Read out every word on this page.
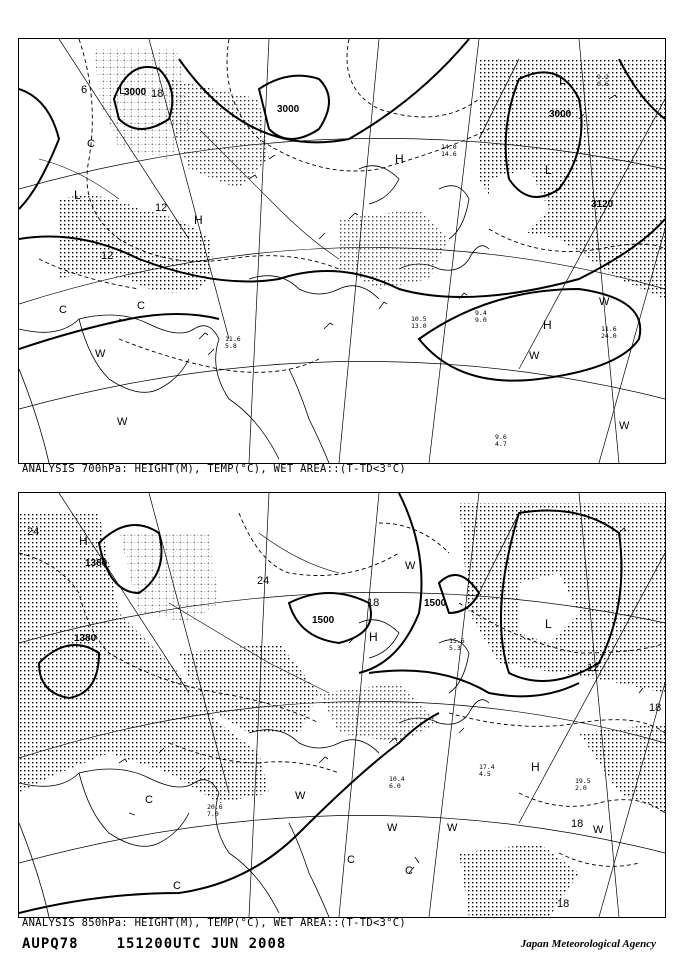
3000
3000	3000
3120
L
L
L
L
H
H
H
C
C
C
W
W
W
W
W
18
12
12
6
11.6
5.8
10.5
13.0	11.6
24.0
9.4
9.0
9.6
4.7
9.2
0.6
14.0
14.6
ANALYSIS 700hPa: HEIGHT(M), TEMP(°C), WET AREA::(T-TD<3°C)
1380
1380
1500
1500
H
H
H
L
C
C
C
C
W
W	W	W
W
24
24
18
18
18
18
12
17.4
4.5
19.5
2.0
20.6
7.0
10.4
6.0
15.6
5.3
ANALYSIS 850hPa: HEIGHT(M), TEMP(°C), WET AREA::(T-TD<3°C)
AUPQ78	151200UTC JUN 2008	Japan Meteorological Agency
